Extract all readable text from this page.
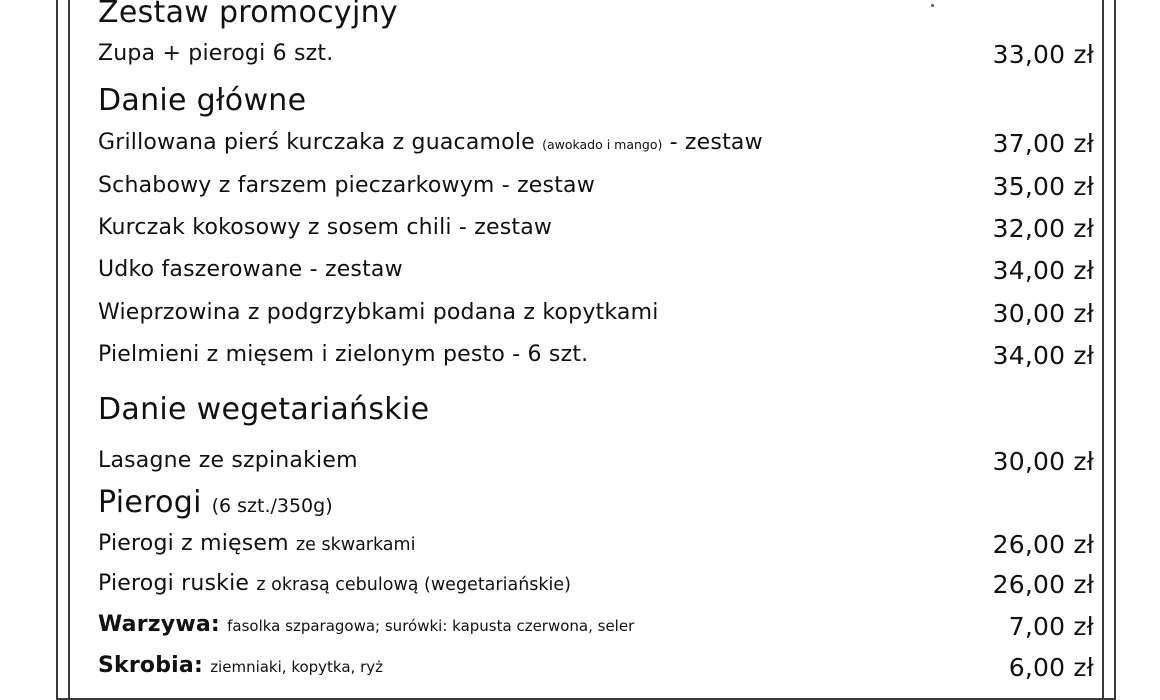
Zestaw promocyjny
Zupa + pierogi 6 szt.	33,00 zł
Danie główne
Grillowana pierś kurczaka z guacamole (awokado i mango) - zestaw	37,00 zł
Schabowy z farszem pieczarkowym - zestaw	35,00 zł
Kurczak kokosowy z sosem chili - zestaw	32,00 zł
Udko faszerowane - zestaw	34,00 zł
Wieprzowina z podgrzybkami podana z kopytkami	30,00 zł
Pielmieni z mięsem i zielonym pesto - 6 szt.	34,00 zł
Danie wegetariańskie
Lasagne ze szpinakiem	30,00 zł
Pierogi (6 szt./350g)
Pierogi z mięsem ze skwarkami	26,00 zł
Pierogi ruskie z okrasą cebulową (wegetariańskie)	26,00 zł
Warzywa: fasolka szparagowa; surówki: kapusta czerwona, seler	7,00 zł
Skrobia: ziemniaki, kopytka, ryż	6,00 zł
